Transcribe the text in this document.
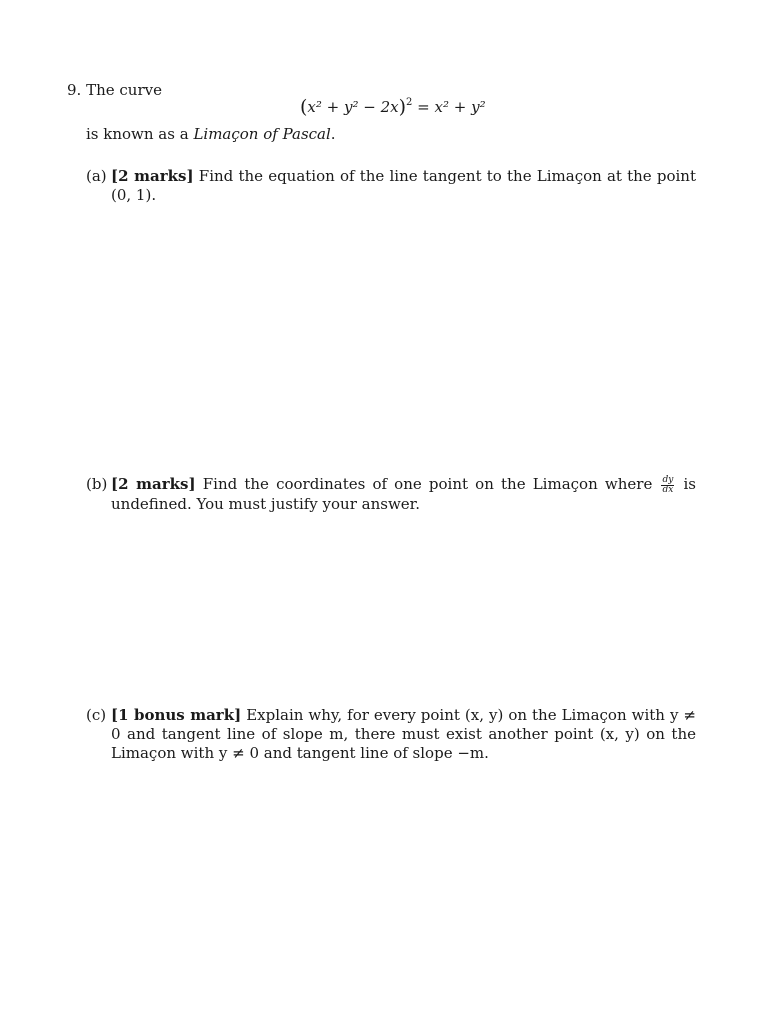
9. The curve
$(x^2 + y^2 - 2x)^2 = x^2 + y^2$
is known as a Limaçon of Pascal.
(a) [2 marks] Find the equation of the line tangent to the Limaçon at the point (0, 1).
(b) [2 marks] Find the coordinates of one point on the Limaçon where $\frac{dy}{dx}$ is undefined. You must justify your answer.
(c) [1 bonus mark] Explain why, for every point (x, y) on the Limaçon with y ≠ 0 and tangent line of slope m, there must exist another point (x, y) on the Limaçon with y ≠ 0 and tangent line of slope −m.
